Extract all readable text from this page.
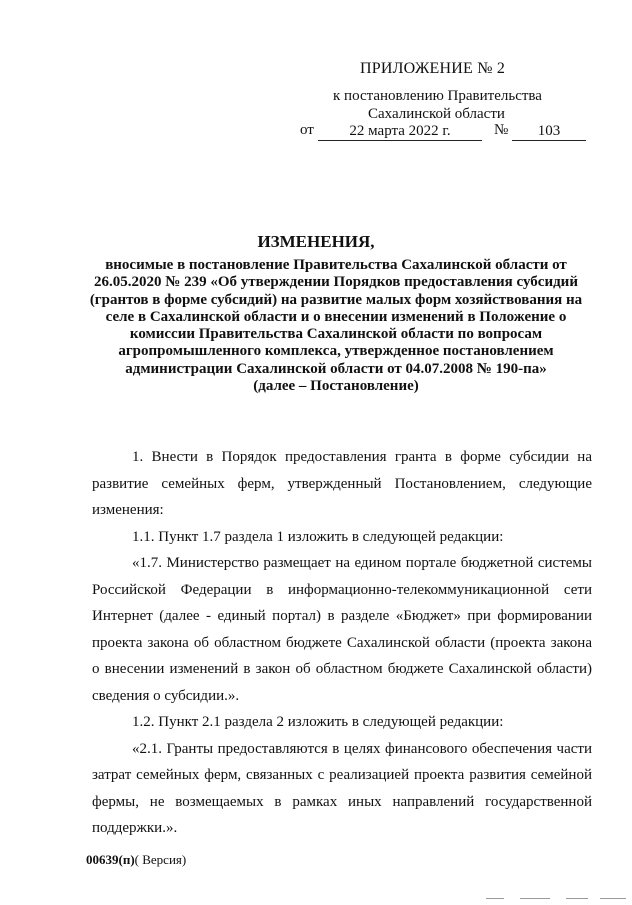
ПРИЛОЖЕНИЕ № 2
к постановлению Правительства
Сахалинской области
от	22 марта 2022 г.	№	103
ИЗМЕНЕНИЯ,
вносимые в постановление Правительства Сахалинской области от
26.05.2020 № 239 «Об утверждении Порядков предоставления субсидий
(грантов в форме субсидий) на развитие малых форм хозяйствования на
селе в Сахалинской области и о внесении изменений в Положение о
комиссии Правительства Сахалинской области по вопросам
агропромышленного комплекса, утвержденное постановлением
администрации Сахалинской области от 04.07.2008 № 190-па»
(далее – Постановление)

1. Внести в Порядок предоставления гранта в форме субсидии на развитие семейных ферм, утвержденный Постановлением, следующие изменения:

1.1. Пункт 1.7 раздела 1 изложить в следующей редакции:

«1.7. Министерство размещает на едином портале бюджетной системы Российской Федерации в информационно-телекоммуникационной сети Интернет (далее - единый портал) в разделе «Бюджет» при формировании проекта закона об областном бюджете Сахалинской области (проекта закона о внесении изменений в закон об областном бюджете Сахалинской области) сведения о субсидии.».

1.2. Пункт 2.1 раздела 2 изложить в следующей редакции:

«2.1. Гранты предоставляются в целях финансового обеспечения части затрат семейных ферм, связанных с реализацией проекта развития семейной фермы, не возмещаемых в рамках иных направлений государственной поддержки.».

00639(п)( Версия)
